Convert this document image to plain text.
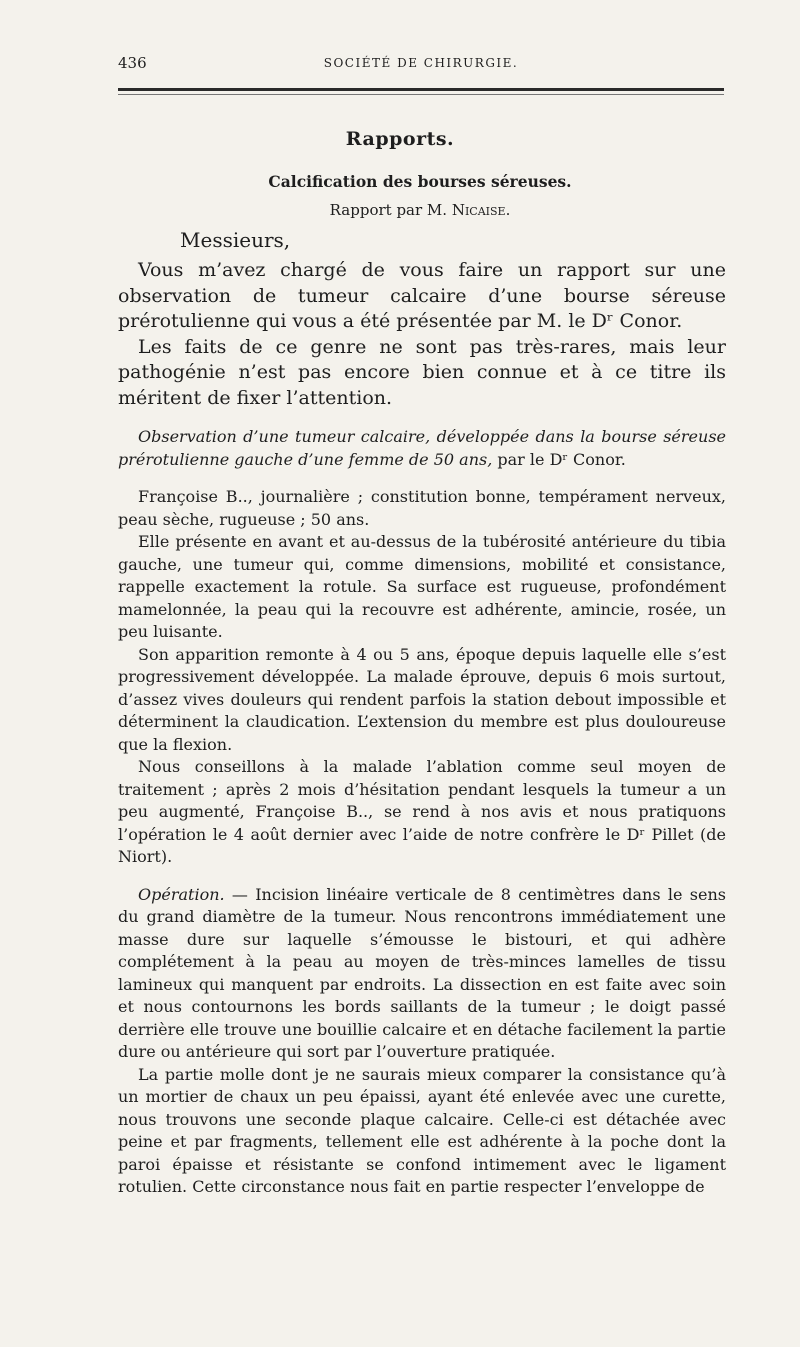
436	SOCIÉTÉ DE CHIRURGIE.
Rapports.
Calcification des bourses séreuses.
Rapport par M. Nicaise.
Messieurs,

Vous m’avez chargé de vous faire un rapport sur une observation de tumeur calcaire d’une bourse séreuse prérotulienne qui vous a été présentée par M. le Dʳ Conor.

Les faits de ce genre ne sont pas très-rares, mais leur pathogénie n’est pas encore bien connue et à ce titre ils méritent de fixer l’attention.

Observation d’une tumeur calcaire, développée dans la bourse séreuse prérotulienne gauche d’une femme de 50 ans, par le Dʳ Conor.

Françoise B.., journalière ; constitution bonne, tempérament nerveux, peau sèche, rugueuse ; 50 ans.

Elle présente en avant et au-dessus de la tubérosité antérieure du tibia gauche, une tumeur qui, comme dimensions, mobilité et consistance, rappelle exactement la rotule. Sa surface est rugueuse, profondément mamelonnée, la peau qui la recouvre est adhérente, amincie, rosée, un peu luisante.

Son apparition remonte à 4 ou 5 ans, époque depuis laquelle elle s’est progressivement développée. La malade éprouve, depuis 6 mois surtout, d’assez vives douleurs qui rendent parfois la station debout impossible et déterminent la claudication. L’extension du membre est plus douloureuse que la flexion.

Nous conseillons à la malade l’ablation comme seul moyen de traitement ; après 2 mois d’hésitation pendant lesquels la tumeur a un peu augmenté, Françoise B.., se rend à nos avis et nous pratiquons l’opération le 4 août dernier avec l’aide de notre confrère le Dʳ Pillet (de Niort).

Opération. — Incision linéaire verticale de 8 centimètres dans le sens du grand diamètre de la tumeur. Nous rencontrons immédiatement une masse dure sur laquelle s’émousse le bistouri, et qui adhère complétement à la peau au moyen de très-minces lamelles de tissu lamineux qui manquent par endroits. La dissection en est faite avec soin et nous contournons les bords saillants de la tumeur ; le doigt passé derrière elle trouve une bouillie calcaire et en détache facilement la partie dure ou antérieure qui sort par l’ouverture pratiquée.

La partie molle dont je ne saurais mieux comparer la consistance qu’à un mortier de chaux un peu épaissi, ayant été enlevée avec une curette, nous trouvons une seconde plaque calcaire. Celle-ci est détachée avec peine et par fragments, tellement elle est adhérente à la poche dont la paroi épaisse et résistante se confond intimement avec le ligament rotulien. Cette circonstance nous fait en partie respecter l’enveloppe de
